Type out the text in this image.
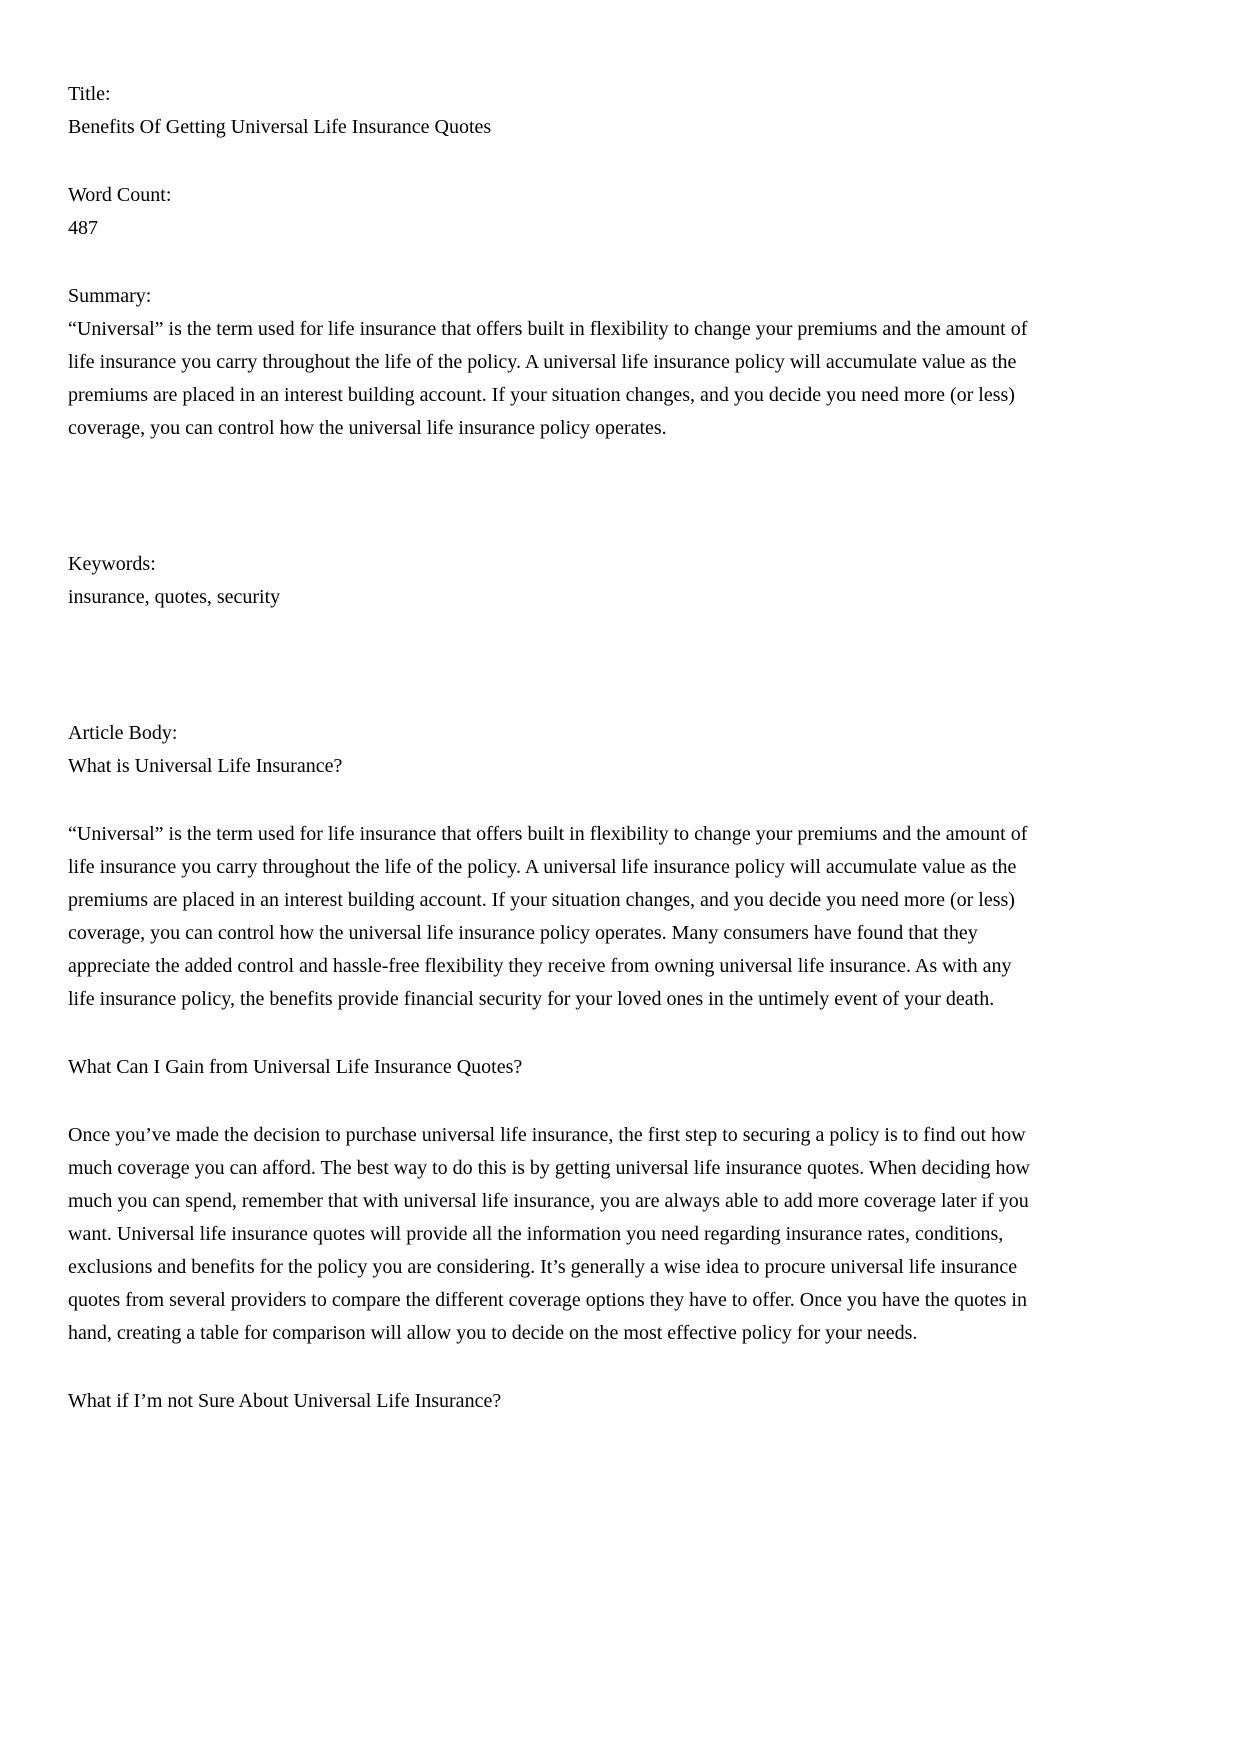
Title:
Benefits Of Getting Universal Life Insurance Quotes
Word Count:
487
Summary:

“Universal” is the term used for life insurance that offers built in flexibility to change your premiums and the amount of life insurance you carry throughout the life of the policy. A universal life insurance policy will accumulate value as the premiums are placed in an interest building account. If your situation changes, and you decide you need more (or less) coverage, you can control how the universal life insurance policy operates.

Keywords:
insurance, quotes, security
Article Body:
What is Universal Life Insurance?

“Universal” is the term used for life insurance that offers built in flexibility to change your premiums and the amount of life insurance you carry throughout the life of the policy. A universal life insurance policy will accumulate value as the premiums are placed in an interest building account. If your situation changes, and you decide you need more (or less) coverage, you can control how the universal life insurance policy operates. Many consumers have found that they appreciate the added control and hassle-free flexibility they receive from owning universal life insurance. As with any life insurance policy, the benefits provide financial security for your loved ones in the untimely event of your death.

What Can I Gain from Universal Life Insurance Quotes?

Once you’ve made the decision to purchase universal life insurance, the first step to securing a policy is to find out how much coverage you can afford. The best way to do this is by getting universal life insurance quotes. When deciding how much you can spend, remember that with universal life insurance, you are always able to add more coverage later if you want. Universal life insurance quotes will provide all the information you need regarding insurance rates, conditions, exclusions and benefits for the policy you are considering. It’s generally a wise idea to procure universal life insurance quotes from several providers to compare the different coverage options they have to offer. Once you have the quotes in hand, creating a table for comparison will allow you to decide on the most effective policy for your needs.

What if I’m not Sure About Universal Life Insurance?
